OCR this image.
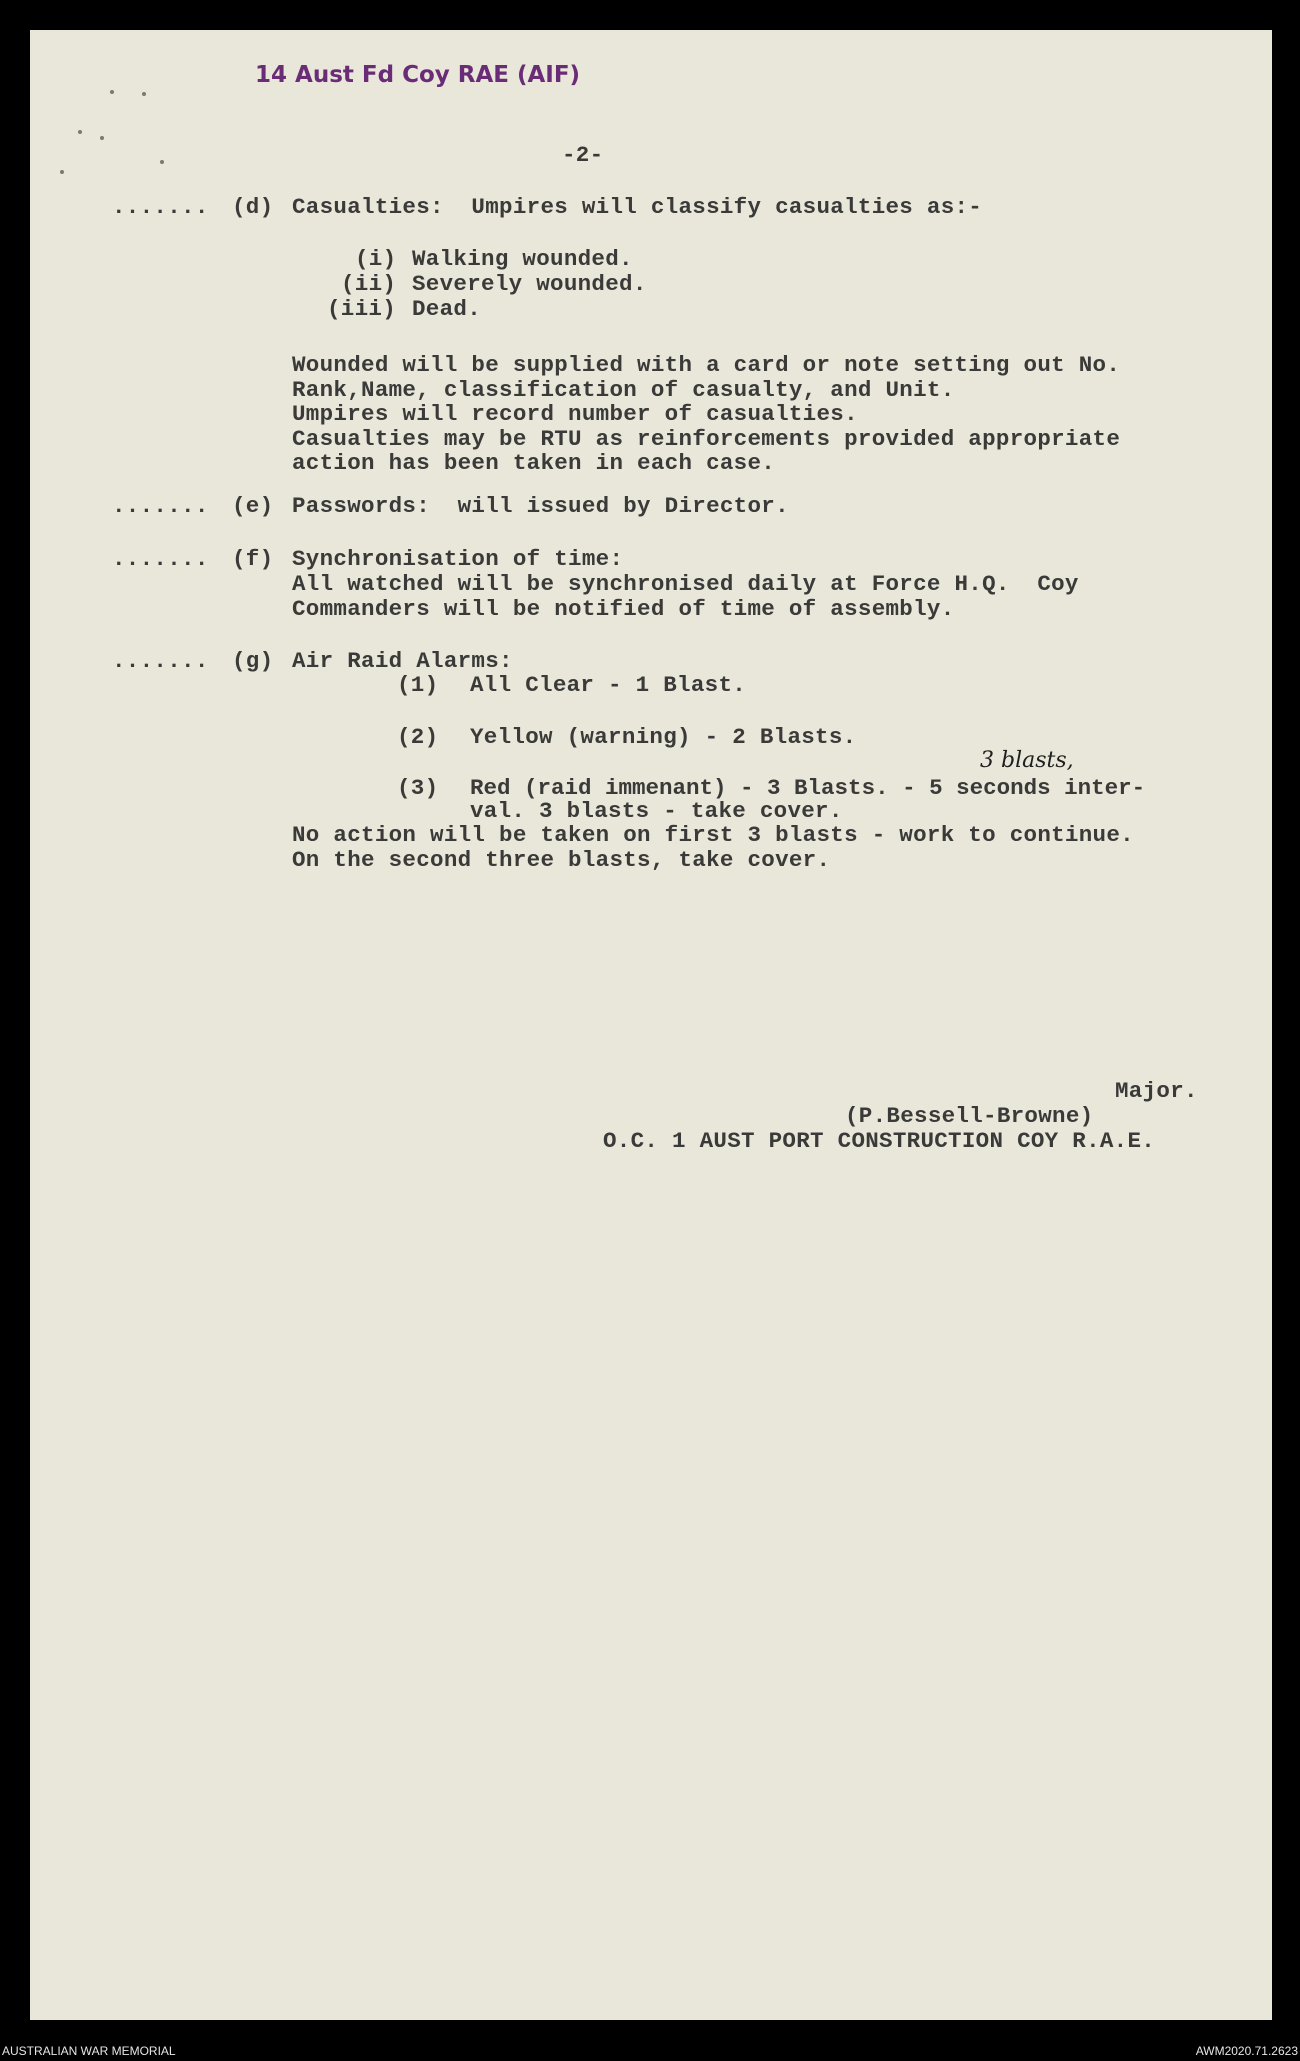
14 Aust Fd Coy RAE (AIF)
-2-
....... (d) Casualties:  Umpires will classify casualties as:-
(i) Walking wounded.
(ii) Severely wounded.
(iii) Dead.
Wounded will be supplied with a card or note setting out No.
Rank,Name, classification of casualty, and Unit.
Umpires will record number of casualties.
Casualties may be RTU as reinforcements provided appropriate
action has been taken in each case.
....... (e) Passwords:  will issued by Director.
....... (f) Synchronisation of time:
All watched will be synchronised daily at Force H.Q.  Coy
Commanders will be notified of time of assembly.
....... (g) Air Raid Alarms:
(1) All Clear - 1 Blast.
(2) Yellow (warning) - 2 Blasts.
3 blasts,
(3) Red (raid immenant) - 3 Blasts. - 5 seconds inter-
val. 3 blasts - take cover.
No action will be taken on first 3 blasts - work to continue.
On the second three blasts, take cover.
Major.
(P.Bessell-Browne)
O.C. 1 AUST PORT CONSTRUCTION COY R.A.E.
AUSTRALIAN WAR MEMORIAL	AWM2020.71.2623
